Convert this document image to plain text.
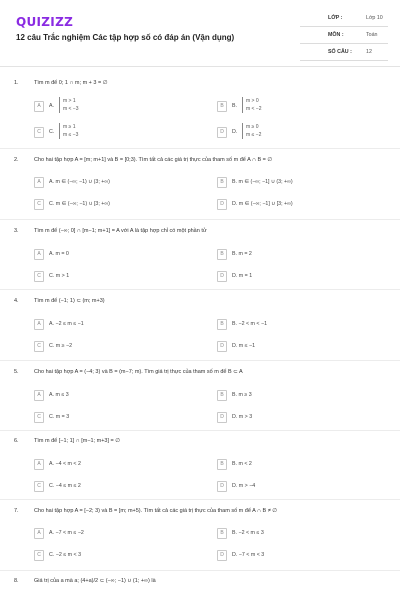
QUIZIZZ
12 câu Trắc nghiệm Các tập hợp số có đáp án (Vận dụng)
LỚP :	Lớp 10
MÔN :	Toán
SỐ CÂU :	12
1.	Tìm m để 0; 1 ∩ m; m + 3 = ∅
A	A.
m > 1
m < −3	B	B.
m > 0
m < −2
C	C.
m ≥ 1
m ≤ −3	D	D.
m ≥ 0
m ≤ −2
2.	Cho hai tập hợp A = [m; m+1] và B = [0;3). Tìm tất cả các giá trị thực của tham số m để A ∩ B = ∅
A	A. m ∈ (−∞; −1) ∪ (3; +∞)	B	B. m ∈ (−∞; −1] ∪ (3; +∞)
C	C. m ∈ (−∞; −1) ∪ [3; +∞)	D	D. m ∈ (−∞; −1] ∪ [3; +∞)
3.	Tìm m để (−∞; 0] ∩ [m−1; m+1] = A với A là tập hợp chỉ có một phần tử
A	A. m = 0	B	B. m = 2
C	C. m > 1	D	D. m = 1
4.	Tìm m để (−1; 1) ⊂ (m; m+3)
A	A. −2 ≤ m ≤ −1	B	B. −2 < m < −1
C	C. m ≥ −2	D	D. m ≤ −1
5.	Cho hai tập hợp A = (−4; 3) và B = (m−7; m). Tìm giá trị thực của tham số m để B ⊂ A
A	A. m ≤ 3	B	B. m ≥ 3
C	C. m = 3	D	D. m > 3
6.	Tìm m để [−1; 1] ∩ [m−1; m+3] = ∅
A	A. −4 < m < 2	B	B. m < 2
C	C. −4 ≤ m ≤ 2	D	D. m > −4
7.	Cho hai tập hợp A = [−2; 3) và B = [m; m+5). Tìm tất cả các giá trị thực của tham số m để A ∩ B ≠ ∅
A	A. −7 < m ≤ −2	B	B. −2 < m ≤ 3
C	C. −2 ≤ m < 3	D	D. −7 < m < 3
8.	Giá trị của a mà a; (4+a)/2 ⊂ (−∞; −1) ∪ (1; +∞) là
